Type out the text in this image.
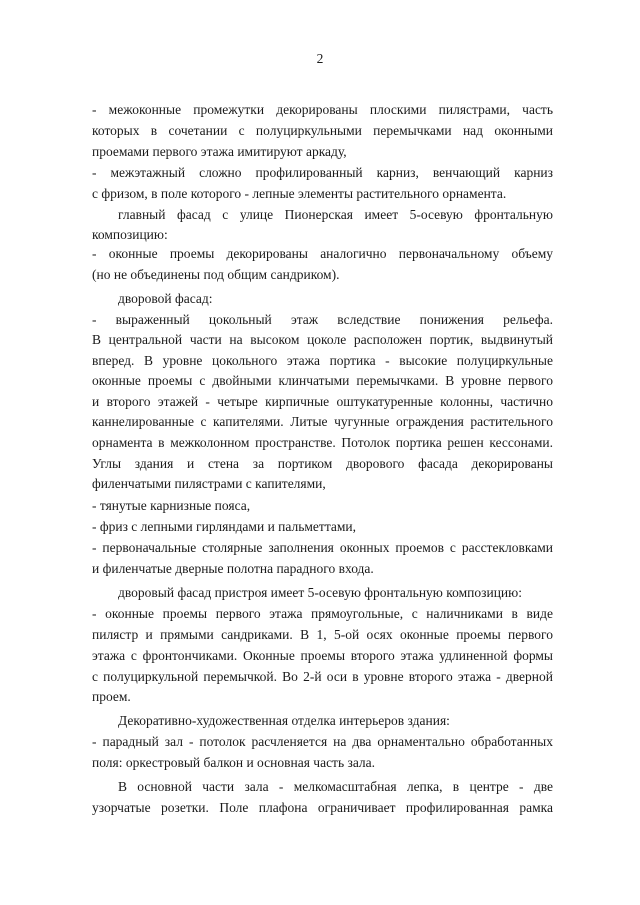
2

- межоконные промежутки декорированы плоскими пилястрами, часть

которых в сочетании с полуциркульными перемычками над оконными

проемами первого этажа имитируют аркаду,

- межэтажный сложно профилированный карниз, венчающий карниз

с фризом, в поле которого - лепные элементы растительного орнамента.

главный фасад с улице Пионерская имеет 5-осевую фронтальную

композицию:

- оконные проемы декорированы аналогично первоначальному объему

(но не объединены под общим сандриком).

дворовой фасад:

- выраженный цокольный этаж вследствие понижения рельефа.

В центральной части на высоком цоколе расположен портик, выдвинутый

вперед. В уровне цокольного этажа портика - высокие полуциркульные

оконные проемы с двойными клинчатыми перемычками. В уровне первого

и второго этажей - четыре кирпичные оштукатуренные колонны, частично

каннелированные с капителями. Литые чугунные ограждения растительного

орнамента в межколонном пространстве. Потолок портика решен кессонами.

Углы здания и стена за портиком дворового фасада декорированы

филенчатыми пилястрами с капителями,

- тянутые карнизные пояса,

- фриз с лепными гирляндами и пальметтами,

- первоначальные столярные заполнения оконных проемов с расстекловками

и филенчатые дверные полотна парадного входа.

дворовый фасад пристроя имеет 5-осевую фронтальную композицию:

- оконные проемы первого этажа прямоугольные, с наличниками в виде

пилястр и прямыми сандриками. В 1, 5-ой осях оконные проемы первого

этажа с фронтончиками. Оконные проемы второго этажа удлиненной формы

с полуциркульной перемычкой. Во 2-й оси в уровне второго этажа - дверной

проем.

Декоративно-художественная отделка интерьеров здания:

- парадный зал - потолок расчленяется на два орнаментально обработанных

поля: оркестровый балкон и основная часть зала.

В основной части зала - мелкомасштабная лепка, в центре - две

узорчатые розетки. Поле плафона ограничивает профилированная рамка
